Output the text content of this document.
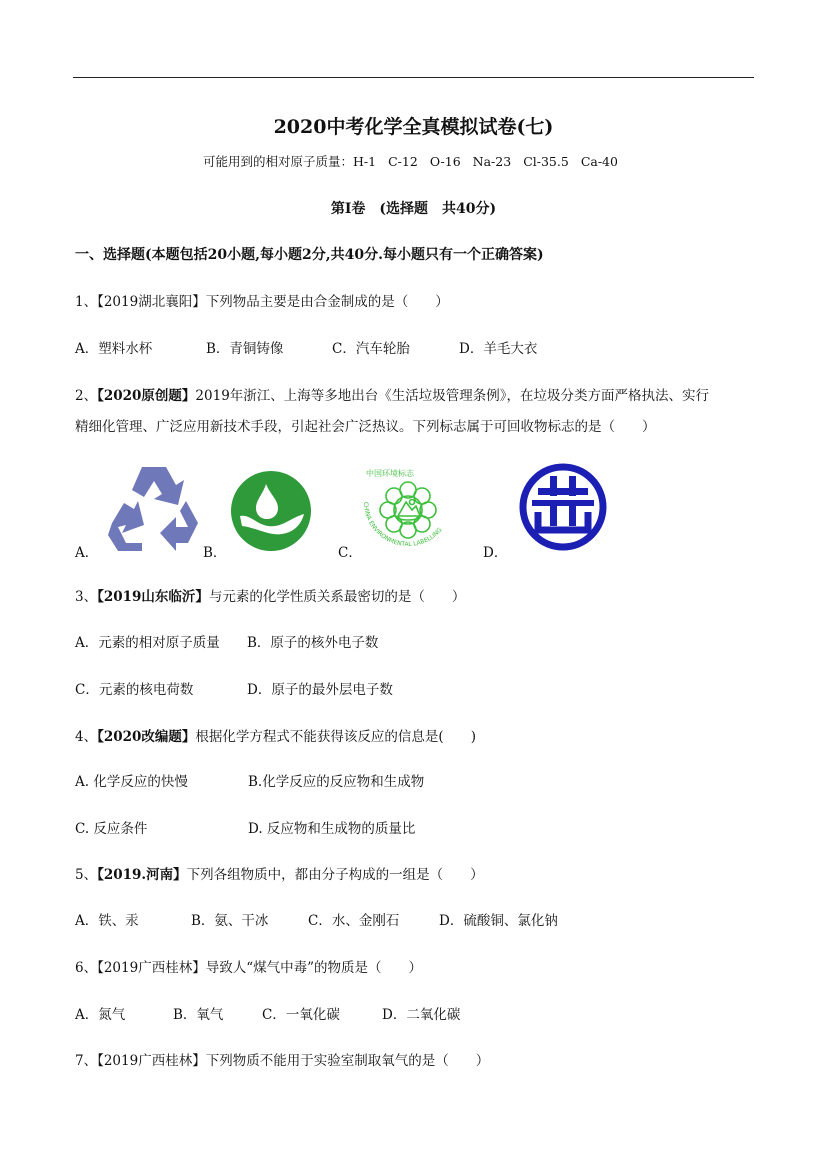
2020中考化学全真模拟试卷(七)
可能用到的相对原子质量：H-1 C-12 O-16 Na-23 Cl-35.5 Ca-40
第Ⅰ卷　(选择题　共40分)
一、选择题(本题包括20小题,每小题2分,共40分.每小题只有一个正确答案)
1、【2019湖北襄阳】下列物品主要是由合金制成的是（　　）
A．塑料水杯	B．青铜铸像	C．汽车轮胎	D．羊毛大衣
2、【2020原创题】2019年浙江、上海等多地出台《生活垃圾管理条例》，在垃圾分类方面严格执法、实行
精细化管理、广泛应用新技术手段，引起社会广泛热议。下列标志属于可回收物标志的是（　　）
A．	B．
中国环境标志
CHINA ENVIRONMENTAL LABELLING
C．	D．
3、【2019山东临沂】与元素的化学性质关系最密切的是（　　）
A．元素的相对原子质量 B．原子的核外电子数
C．元素的核电荷数	D．原子的最外层电子数
4、【2020改编题】根据化学方程式不能获得该反应的信息是(　　)
A. 化学反应的快慢	B.化学反应的反应物和生成物
C. 反应条件	D. 反应物和生成物的质量比
5、【2019.河南】下列各组物质中，都由分子构成的一组是（　　）
A．铁、汞	B．氨、干冰	C．水、金刚石	D．硫酸铜、氯化钠
6、【2019广西桂林】导致人“煤气中毒”的物质是（　　）
A．氮气	B．氧气	C．一氧化碳	D．二氧化碳
7、【2019广西桂林】下列物质不能用于实验室制取氧气的是（　　）
